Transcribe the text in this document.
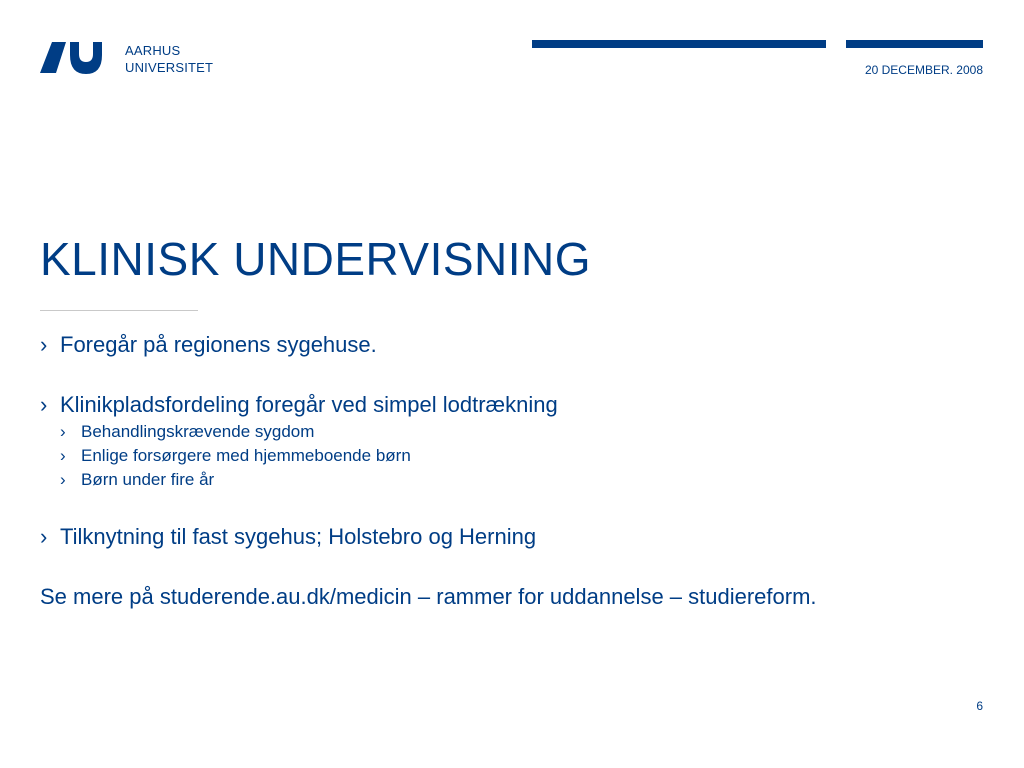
AARHUS
UNIVERSITET	20 DECEMBER. 2008
KLINISK UNDERVISNING
› Foregår på regionens sygehuse.
› Klinikpladsfordeling foregår ved simpel lodtrækning
› Behandlingskrævende sygdom
› Enlige forsørgere med hjemmeboende børn
› Børn under fire år
› Tilknytning til fast sygehus; Holstebro og Herning
Se mere på studerende.au.dk/medicin – rammer for uddannelse – studiereform.
6
